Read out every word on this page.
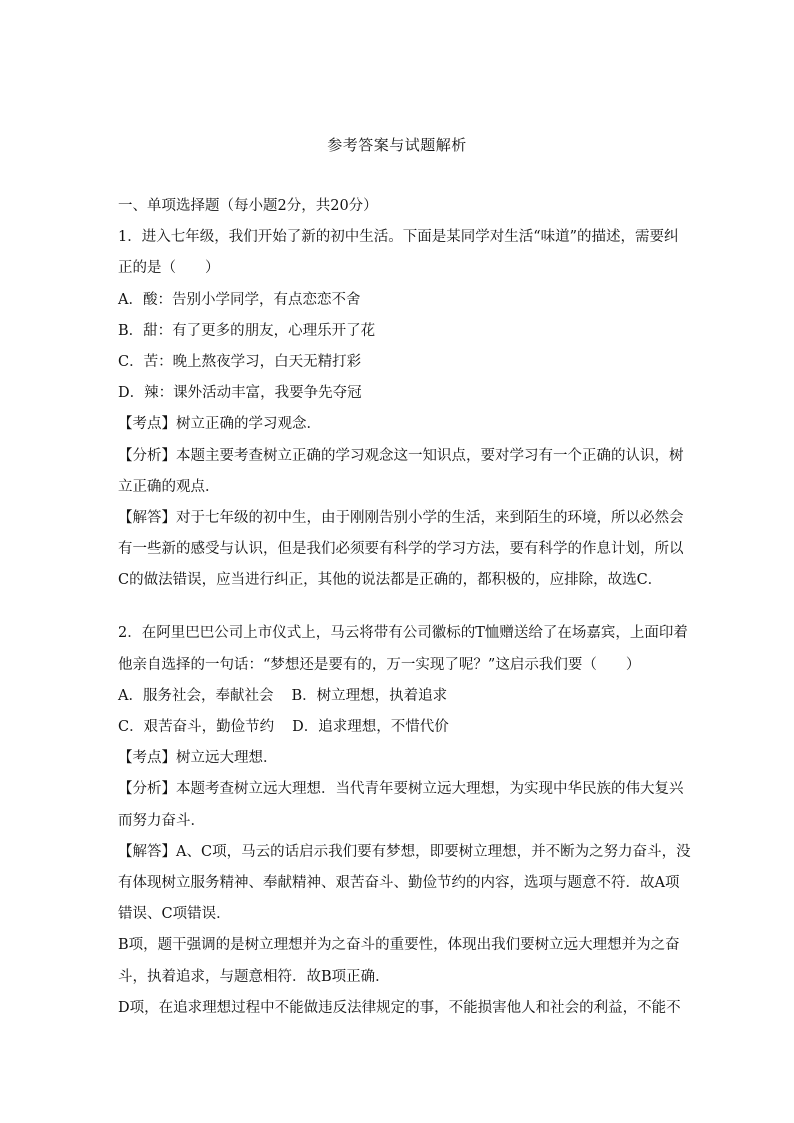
参考答案与试题解析
一、单项选择题（每小题2分，共20分）
1．进入七年级，我们开始了新的初中生活。下面是某同学对生活“味道”的描述，需要纠
正的是（　　）
A．酸：告别小学同学，有点恋恋不舍
B．甜：有了更多的朋友，心理乐开了花
C．苦：晚上熬夜学习，白天无精打彩
D．辣：课外活动丰富，我要争先夺冠
【考点】树立正确的学习观念．
【分析】本题主要考查树立正确的学习观念这一知识点，要对学习有一个正确的认识，树
立正确的观点．
【解答】对于七年级的初中生，由于刚刚告别小学的生活，来到陌生的环境，所以必然会
有一些新的感受与认识，但是我们必须要有科学的学习方法，要有科学的作息计划，所以
C的做法错误，应当进行纠正，其他的说法都是正确的，都积极的，应排除，故选C．
2．在阿里巴巴公司上市仪式上，马云将带有公司徽标的T恤赠送给了在场嘉宾，上面印着
他亲自选择的一句话：“梦想还是要有的，万一实现了呢？”这启示我们要（　　）
A．服务社会，奉献社会 B．树立理想，执着追求
C．艰苦奋斗，勤俭节约 D．追求理想，不惜代价
【考点】树立远大理想．
【分析】本题考查树立远大理想．当代青年要树立远大理想，为实现中华民族的伟大复兴
而努力奋斗．
【解答】A、C项，马云的话启示我们要有梦想，即要树立理想，并不断为之努力奋斗，没
有体现树立服务精神、奉献精神、艰苦奋斗、勤俭节约的内容，选项与题意不符．故A项
错误、C项错误．
B项，题干强调的是树立理想并为之奋斗的重要性，体现出我们要树立远大理想并为之奋
斗，执着追求，与题意相符．故B项正确．
D项，在追求理想过程中不能做违反法律规定的事，不能损害他人和社会的利益，不能不
